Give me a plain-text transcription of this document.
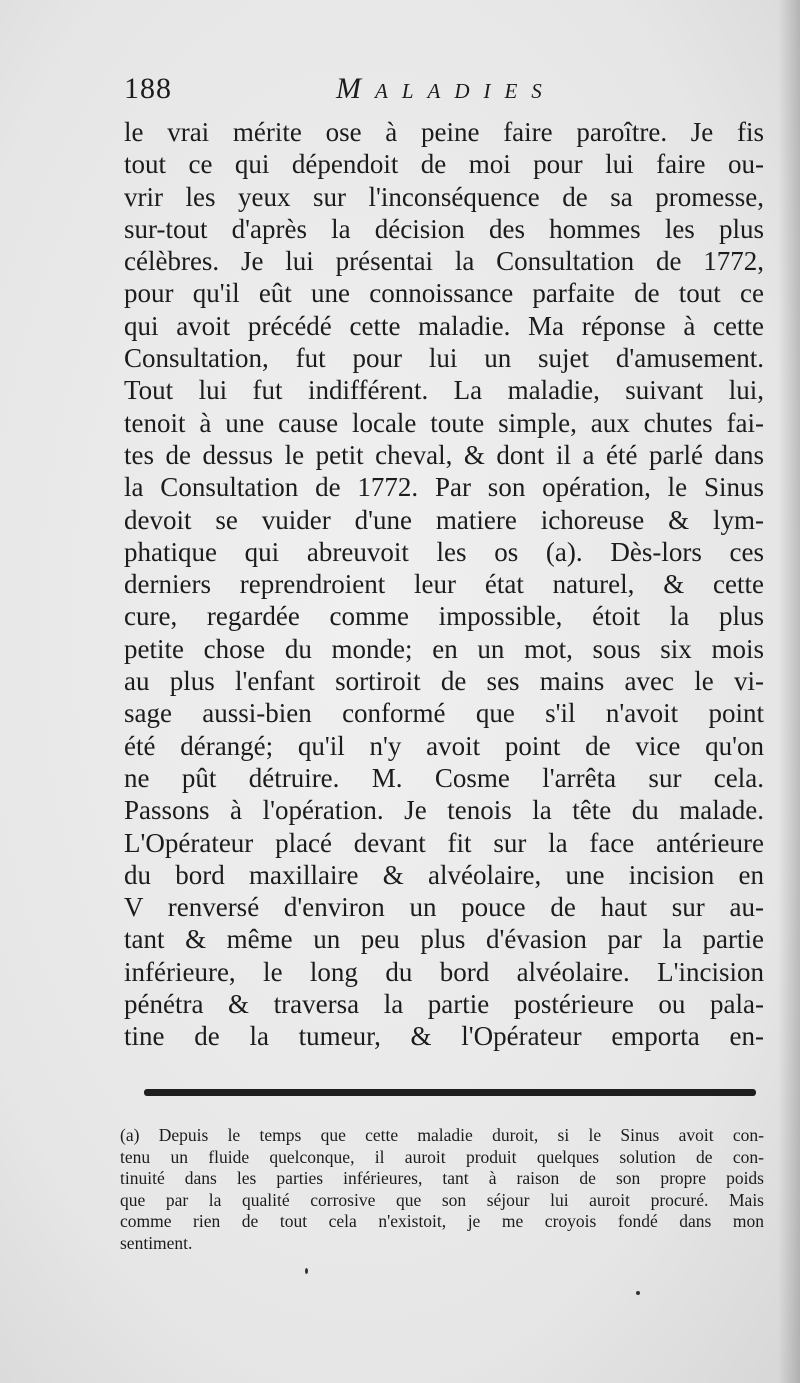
188	Maladies
le vrai mérite ose à peine faire paroître. Je fis
tout ce qui dépendoit de moi pour lui faire ou-
vrir les yeux sur l'inconséquence de sa promesse,
sur-tout d'après la décision des hommes les plus
célèbres. Je lui présentai la Consultation de 1772,
pour qu'il eût une connoissance parfaite de tout ce
qui avoit précédé cette maladie. Ma réponse à cette
Consultation, fut pour lui un sujet d'amusement.
Tout lui fut indifférent. La maladie, suivant lui,
tenoit à une cause locale toute simple, aux chutes fai-
tes de dessus le petit cheval, & dont il a été parlé dans
la Consultation de 1772. Par son opération, le Sinus
devoit se vuider d'une matiere ichoreuse & lym-
phatique qui abreuvoit les os (a). Dès-lors ces
derniers reprendroient leur état naturel, & cette
cure, regardée comme impossible, étoit la plus
petite chose du monde; en un mot, sous six mois
au plus l'enfant sortiroit de ses mains avec le vi-
sage aussi-bien conformé que s'il n'avoit point
été dérangé; qu'il n'y avoit point de vice qu'on
ne pût détruire. M. Cosme l'arrêta sur cela.
Passons à l'opération. Je tenois la tête du malade.
L'Opérateur placé devant fit sur la face antérieure
du bord maxillaire & alvéolaire, une incision en
V renversé d'environ un pouce de haut sur au-
tant & même un peu plus d'évasion par la partie
inférieure, le long du bord alvéolaire. L'incision
pénétra & traversa la partie postérieure ou pala-
tine de la tumeur, & l'Opérateur emporta en-
(a) Depuis le temps que cette maladie duroit, si le Sinus avoit con-
tenu un fluide quelconque, il auroit produit quelques solution de con-
tinuité dans les parties inférieures, tant à raison de son propre poids
que par la qualité corrosive que son séjour lui auroit procuré. Mais
comme rien de tout cela n'existoit, je me croyois fondé dans mon
sentiment.
